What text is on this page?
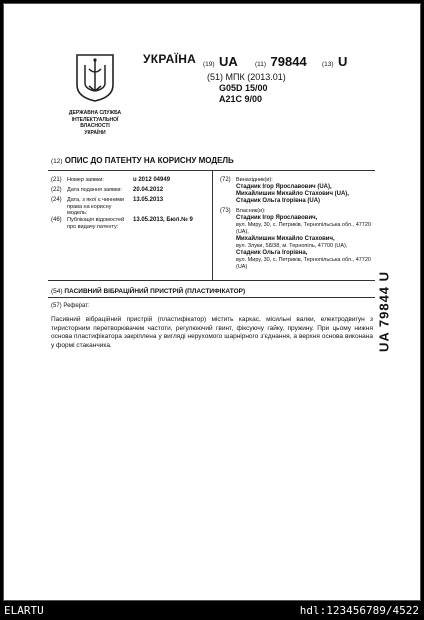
ДЕРЖАВНА СЛУЖБА
ІНТЕЛЕКТУАЛЬНОЇ
ВЛАСНОСТІ
УКРАЇНИ
УКРАЇНА (19) UA	(11) 79844 (13) U
(51) МПК (2013.01)
G05D 15/00
A21C 9/00
(12) ОПИС ДО ПАТЕНТУ НА КОРИСНУ МОДЕЛЬ
(21) Номер заявки:	u 2012 04949
(22) Дата подання заявки:	20.04.2012
(24) Дата, з якої є чинними права на корисну модель:
13.05.2013
(46) Публікація відомостей про видачу патенту:
13.05.2013, Бюл.№ 9
(72) Винахідник(и):
Стадник Ігор Ярославович (UA),
Михайлишин Михайло Стахович (UA),
Стадник Ольга Ігорівна (UA)
(73) Власник(и):
Стадник Ігор Ярославович,
вул. Миру, 30, с. Петриків, Тернопільська обл., 47720 (UA),
Михайлишин Михайло Стахович,
вул. Злуки, 58/38, м. Тернопіль, 47700 (UA),
Стадник Ольга Ігорівна,
вул. Миру, 30, с. Петриків, Тернопільська обл., 47720 (UA)
(54) ПАСИВНИЙ ВІБРАЦІЙНИЙ ПРИСТРІЙ (ПЛАСТИФІКАТОР)
(57) Реферат:
Пасивний вібраційний пристрій (пластифікатор) містить каркас, місильні валки, електродвигун з тиристорним перетворювачем частоти, регулюючий гвинт, фіксуючу гайку, пружину. При цьому нижня основа пластифікатора закріплена у вигляді нерухомого шарнірного з'єднання, а верхня основа виконана у формі стаканчика.	UA 79844 U
ELARTU	hdl:123456789/4522
